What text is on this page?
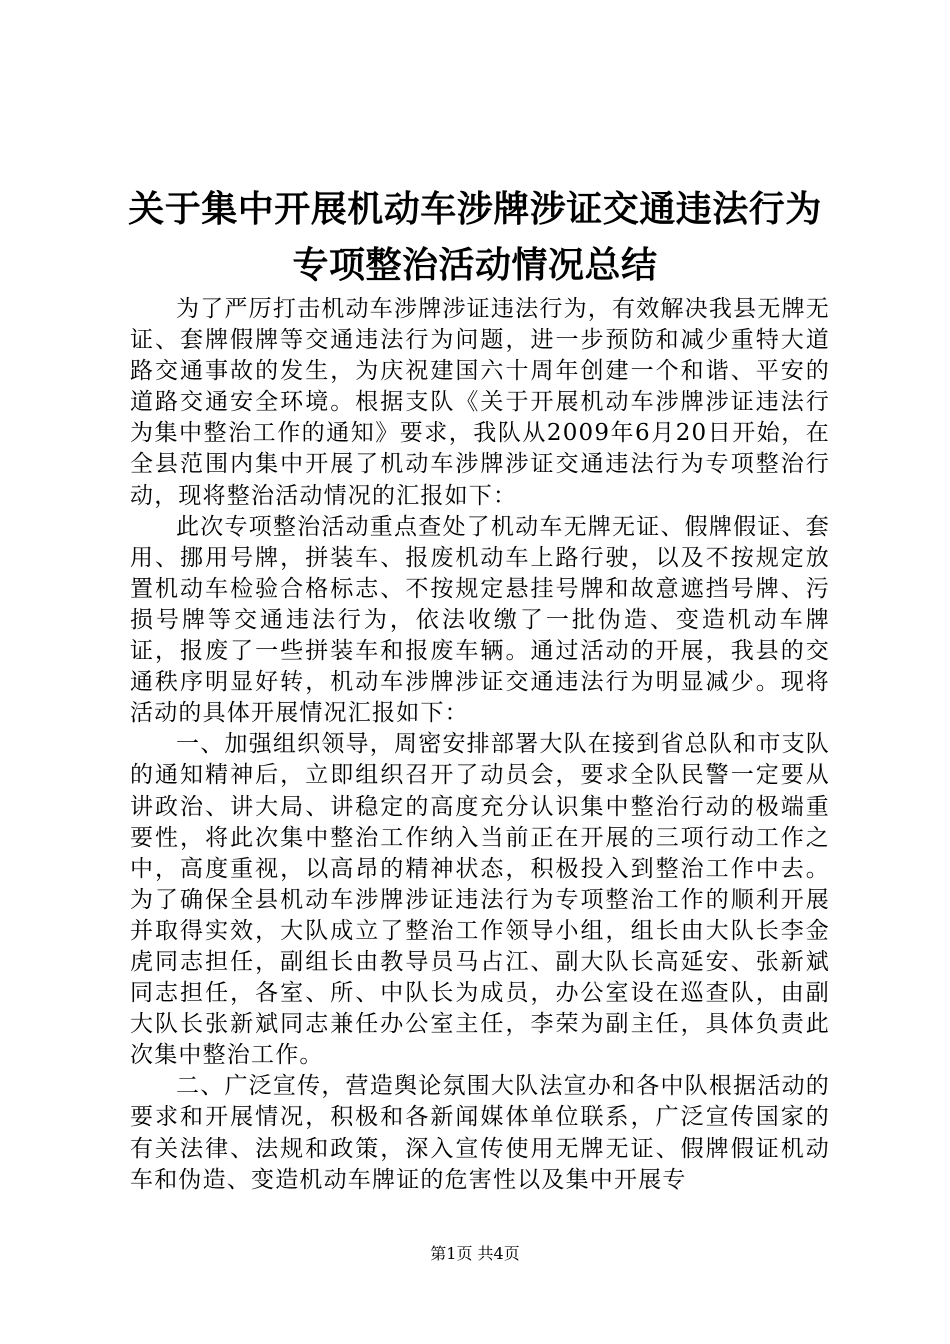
关于集中开展机动车涉牌涉证交通违法行为专项整治活动情况总结

为了严厉打击机动车涉牌涉证违法行为，有效解决我县无牌无证、套牌假牌等交通违法行为问题，进一步预防和减少重特大道路交通事故的发生，为庆祝建国六十周年创建一个和谐、平安的道路交通安全环境。根据支队《关于开展机动车涉牌涉证违法行为集中整治工作的通知》要求，我队从2009年6月20日开始，在全县范围内集中开展了机动车涉牌涉证交通违法行为专项整治行动，现将整治活动情况的汇报如下：

此次专项整治活动重点查处了机动车无牌无证、假牌假证、套用、挪用号牌，拼装车、报废机动车上路行驶，以及不按规定放置机动车检验合格标志、不按规定悬挂号牌和故意遮挡号牌、污损号牌等交通违法行为，依法收缴了一批伪造、变造机动车牌证，报废了一些拼装车和报废车辆。通过活动的开展，我县的交通秩序明显好转，机动车涉牌涉证交通违法行为明显减少。现将活动的具体开展情况汇报如下：

一、加强组织领导，周密安排部署大队在接到省总队和市支队的通知精神后，立即组织召开了动员会，要求全队民警一定要从讲政治、讲大局、讲稳定的高度充分认识集中整治行动的极端重要性，将此次集中整治工作纳入当前正在开展的三项行动工作之中，高度重视，以高昂的精神状态，积极投入到整治工作中去。为了确保全县机动车涉牌涉证违法行为专项整治工作的顺利开展并取得实效，大队成立了整治工作领导小组，组长由大队长李金虎同志担任，副组长由教导员马占江、副大队长高延安、张新斌同志担任，各室、所、中队长为成员，办公室设在巡查队，由副大队长张新斌同志兼任办公室主任，李荣为副主任，具体负责此次集中整治工作。

二、广泛宣传，营造舆论氛围大队法宣办和各中队根据活动的要求和开展情况，积极和各新闻媒体单位联系，广泛宣传国家的有关法律、法规和政策，深入宣传使用无牌无证、假牌假证机动车和伪造、变造机动车牌证的危害性以及集中开展专

第1页 共4页
